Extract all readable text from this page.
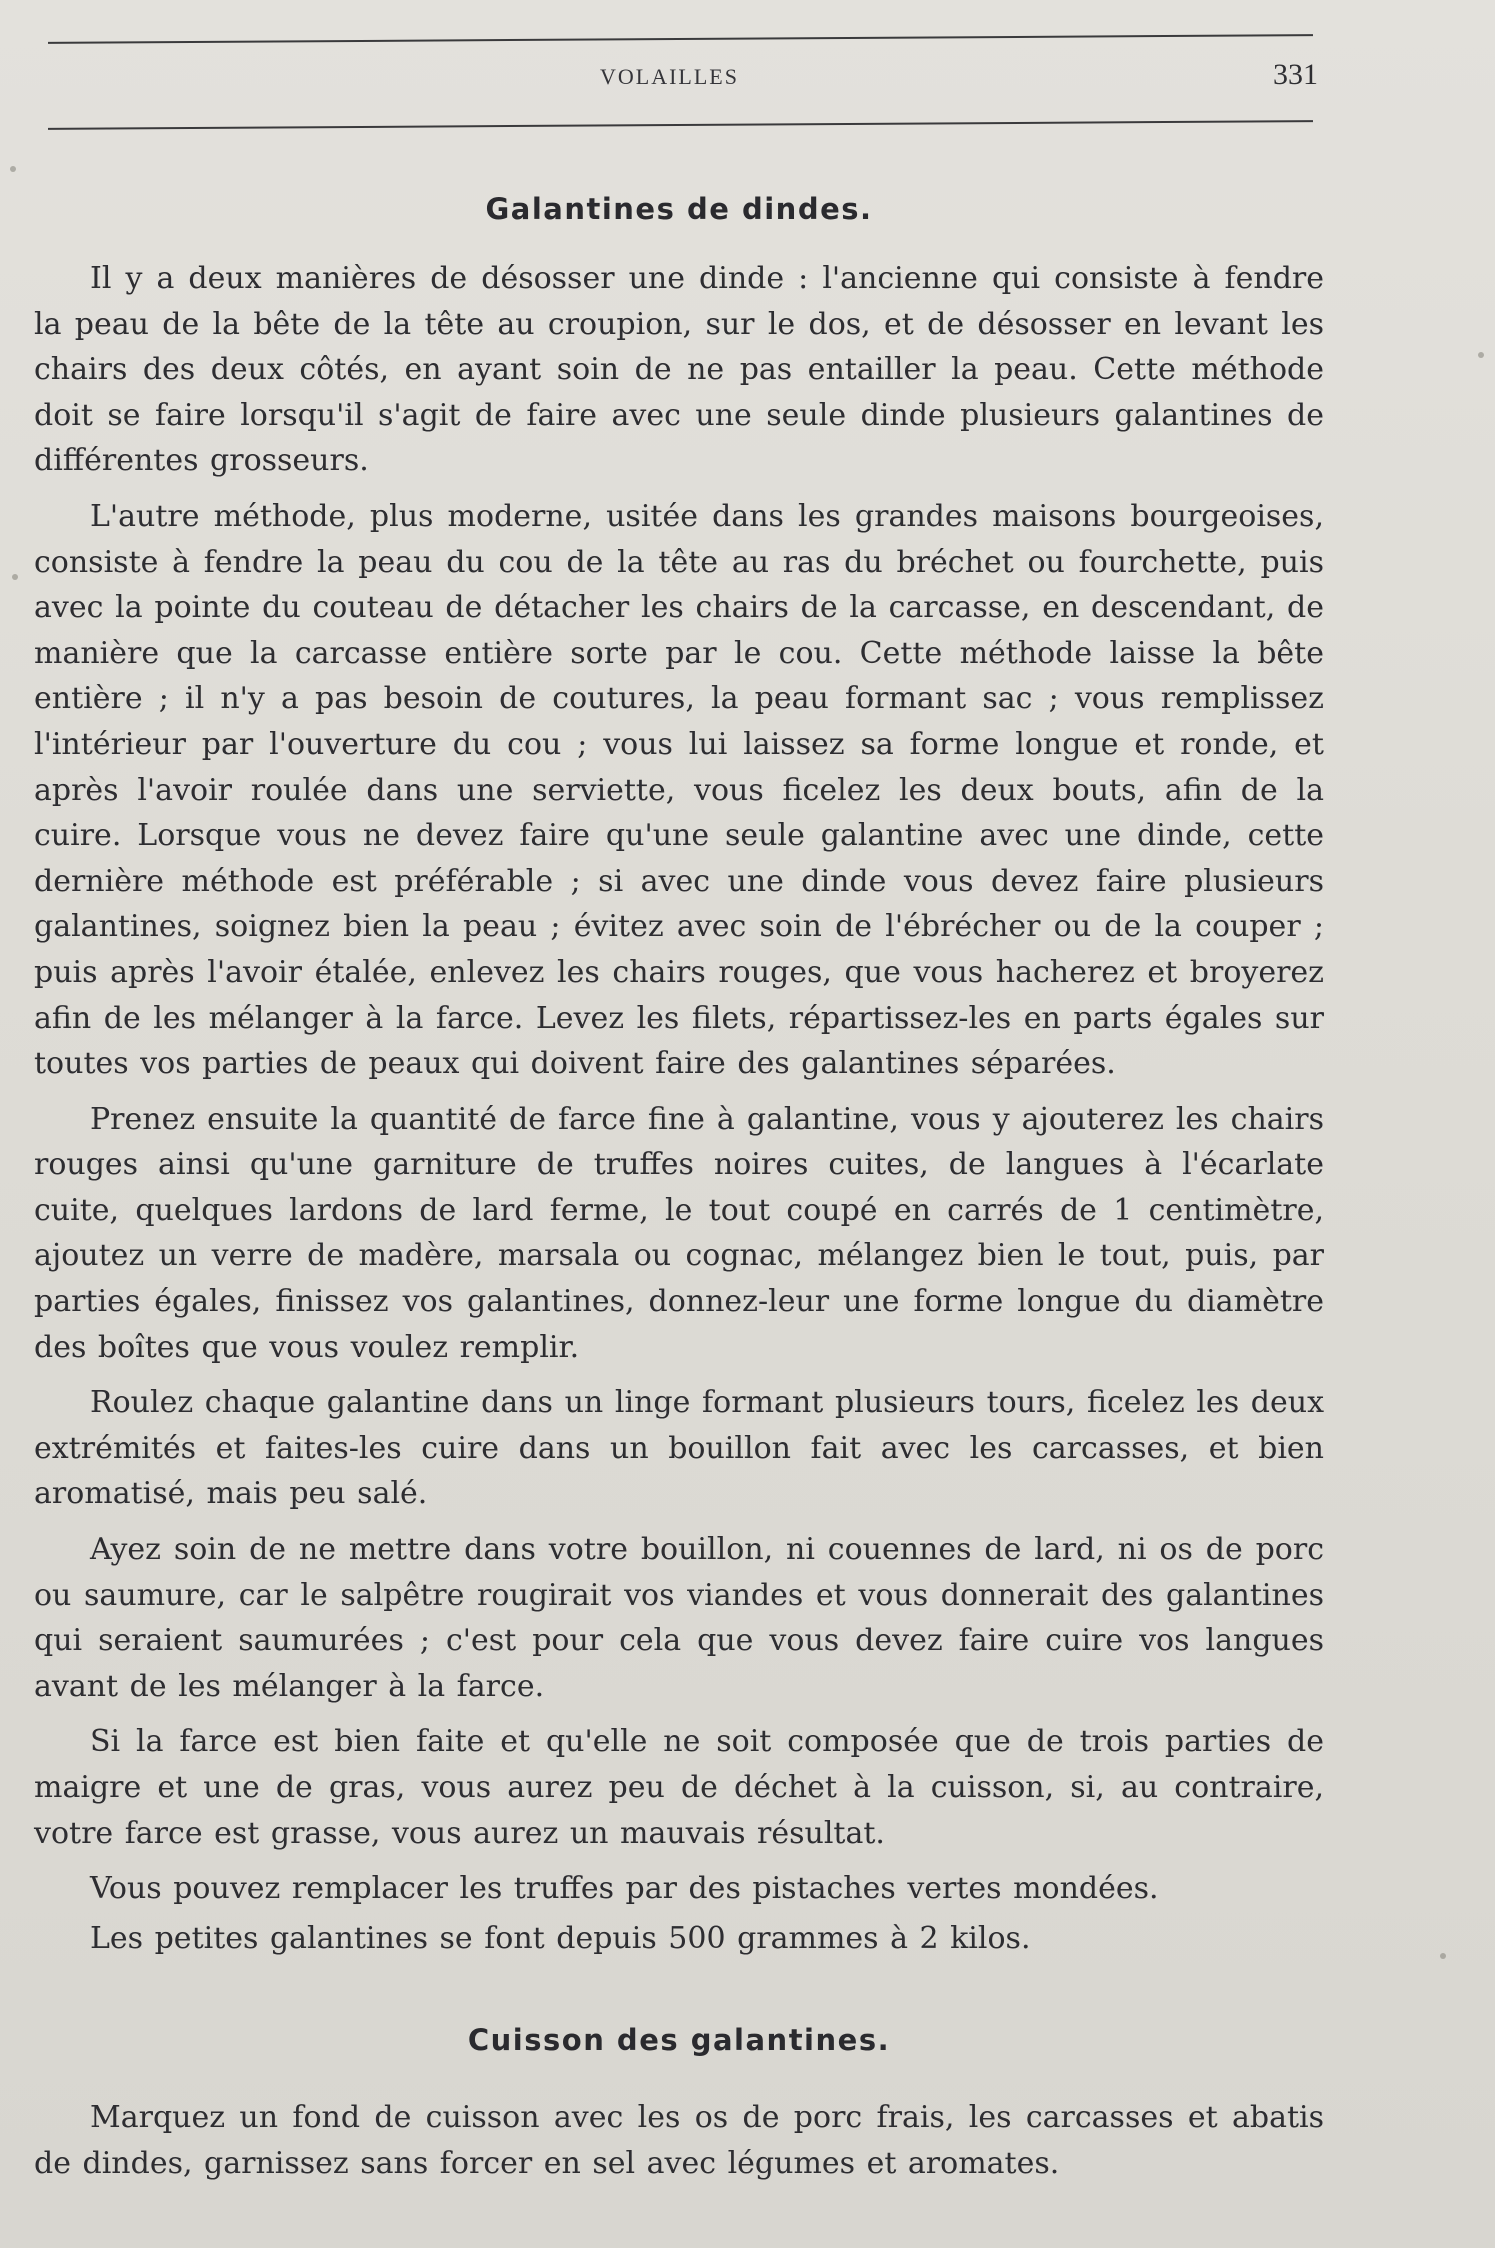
VOLAILLES	331
Galantines de dindes.

Il y a deux manières de désosser une dinde : l'ancienne qui consiste à fendre la peau de la bête de la tête au croupion, sur le dos, et de désosser en levant les chairs des deux côtés, en ayant soin de ne pas entailler la peau. Cette méthode doit se faire lorsqu'il s'agit de faire avec une seule dinde plusieurs galantines de différentes grosseurs.

L'autre méthode, plus moderne, usitée dans les grandes maisons bourgeoises, consiste à fendre la peau du cou de la tête au ras du bréchet ou fourchette, puis avec la pointe du couteau de détacher les chairs de la carcasse, en descendant, de manière que la carcasse entière sorte par le cou. Cette méthode laisse la bête entière ; il n'y a pas besoin de coutures, la peau formant sac ; vous remplissez l'intérieur par l'ouverture du cou ; vous lui laissez sa forme longue et ronde, et après l'avoir roulée dans une serviette, vous ficelez les deux bouts, afin de la cuire. Lorsque vous ne devez faire qu'une seule galantine avec une dinde, cette dernière méthode est préférable ; si avec une dinde vous devez faire plusieurs galantines, soignez bien la peau ; évitez avec soin de l'ébrécher ou de la couper ; puis après l'avoir étalée, enlevez les chairs rouges, que vous hacherez et broyerez afin de les mélanger à la farce. Levez les filets, répartissez-les en parts égales sur toutes vos parties de peaux qui doivent faire des galantines séparées.

Prenez ensuite la quantité de farce fine à galantine, vous y ajouterez les chairs rouges ainsi qu'une garniture de truffes noires cuites, de langues à l'écarlate cuite, quelques lardons de lard ferme, le tout coupé en carrés de 1 centimètre, ajoutez un verre de madère, marsala ou cognac, mélangez bien le tout, puis, par parties égales, finissez vos galantines, donnez-leur une forme longue du diamètre des boîtes que vous voulez remplir.

Roulez chaque galantine dans un linge formant plusieurs tours, ficelez les deux extrémités et faites-les cuire dans un bouillon fait avec les carcasses, et bien aromatisé, mais peu salé.

Ayez soin de ne mettre dans votre bouillon, ni couennes de lard, ni os de porc ou saumure, car le salpêtre rougirait vos viandes et vous donnerait des galantines qui seraient saumurées ; c'est pour cela que vous devez faire cuire vos langues avant de les mélanger à la farce.

Si la farce est bien faite et qu'elle ne soit composée que de trois parties de maigre et une de gras, vous aurez peu de déchet à la cuisson, si, au contraire, votre farce est grasse, vous aurez un mauvais résultat.

Vous pouvez remplacer les truffes par des pistaches vertes mondées.

Les petites galantines se font depuis 500 grammes à 2 kilos.

Cuisson des galantines.

Marquez un fond de cuisson avec les os de porc frais, les carcasses et abatis de dindes, garnissez sans forcer en sel avec légumes et aromates.
